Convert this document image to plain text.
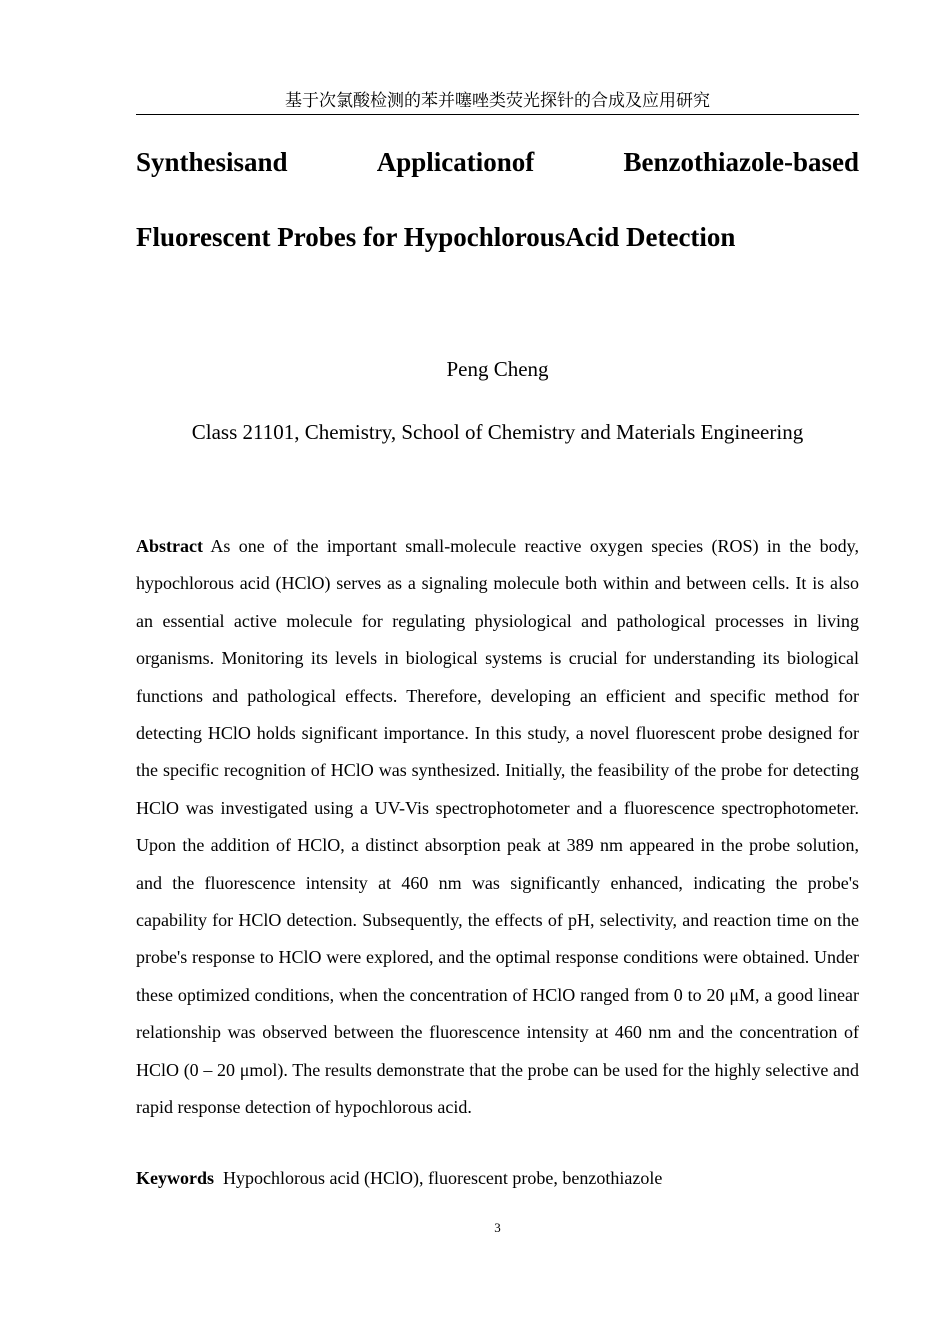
基于次氯酸检测的苯并噻唑类荧光探针的合成及应用研究
Synthesisand	Applicationof	Benzothiazole-based
Fluorescent Probes for HypochlorousAcid Detection
Peng Cheng
Class 21101, Chemistry, School of Chemistry and Materials Engineering

Abstract As one of the important small-molecule reactive oxygen species (ROS) in the body, hypochlorous acid (HClO) serves as a signaling molecule both within and between cells. It is also an essential active molecule for regulating physiological and pathological processes in living organisms. Monitoring its levels in biological systems is crucial for understanding its biological functions and pathological effects. Therefore, developing an efficient and specific method for detecting HClO holds significant importance. In this study, a novel fluorescent probe designed for the specific recognition of HClO was synthesized. Initially, the feasibility of the probe for detecting HClO was investigated using a UV-Vis spectrophotometer and a fluorescence spectrophotometer. Upon the addition of HClO, a distinct absorption peak at 389 nm appeared in the probe solution, and the fluorescence intensity at 460 nm was significantly enhanced, indicating the probe's capability for HClO detection. Subsequently, the effects of pH, selectivity, and reaction time on the probe's response to HClO were explored, and the optimal response conditions were obtained. Under these optimized conditions, when the concentration of HClO ranged from 0 to 20 μM, a good linear relationship was observed between the fluorescence intensity at 460 nm and the concentration of HClO (0 – 20 μmol). The results demonstrate that the probe can be used for the highly selective and rapid response detection of hypochlorous acid.

Keywords Hypochlorous acid (HClO), fluorescent probe, benzothiazole
3
